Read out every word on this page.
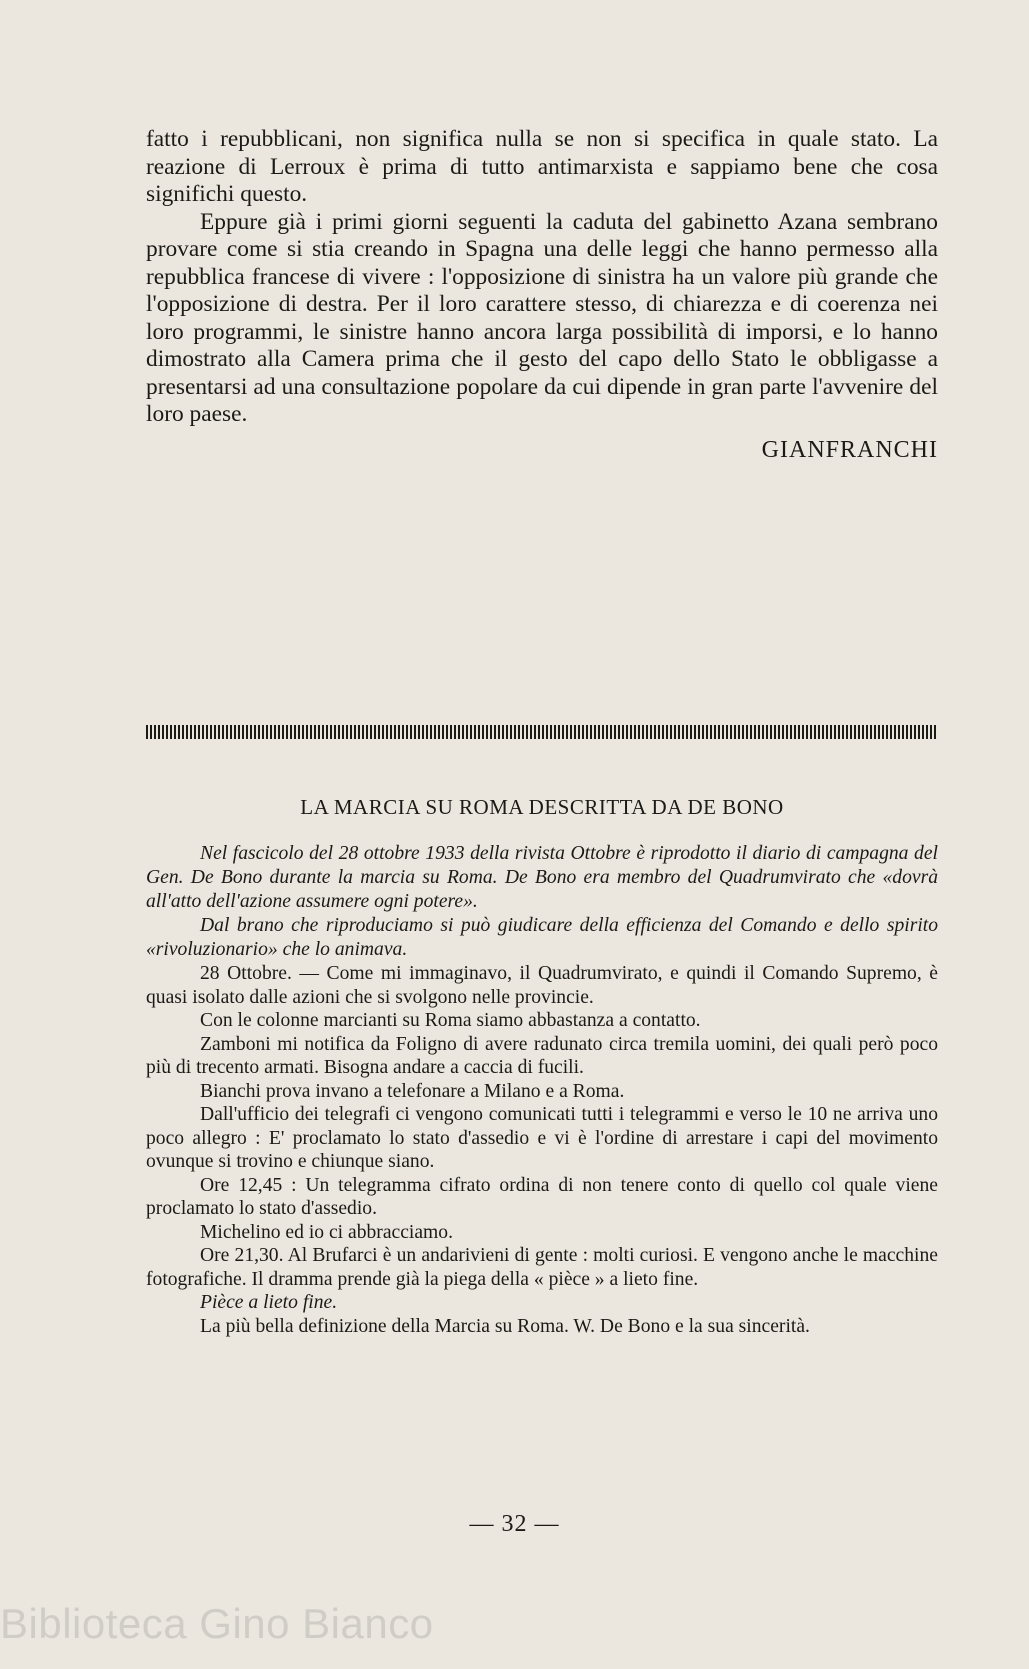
fatto i repubblicani, non significa nulla se non si specifica in quale stato. La reazione di Lerroux è prima di tutto antimarxista e sappiamo bene che cosa significhi questo.

Eppure già i primi giorni seguenti la caduta del gabinetto Azana sembrano provare come si stia creando in Spagna una delle leggi che hanno permesso alla repubblica francese di vivere : l'opposizione di sinistra ha un valore più grande che l'opposizione di destra. Per il loro carattere stesso, di chiarezza e di coerenza nei loro programmi, le sinistre hanno ancora larga possibilità di imporsi, e lo hanno dimostrato alla Camera prima che il gesto del capo dello Stato le obbligasse a presentarsi ad una consultazione popolare da cui dipende in gran parte l'avvenire del loro paese.

GIANFRANCHI
LA MARCIA SU ROMA DESCRITTA DA DE BONO

Nel fascicolo del 28 ottobre 1933 della rivista Ottobre è riprodotto il diario di campagna del Gen. De Bono durante la marcia su Roma. De Bono era membro del Quadrumvirato che «dovrà all'atto dell'azione assumere ogni potere».

Dal brano che riproduciamo si può giudicare della efficienza del Comando e dello spirito «rivoluzionario» che lo animava.

28 Ottobre. — Come mi immaginavo, il Quadrumvirato, e quindi il Comando Supremo, è quasi isolato dalle azioni che si svolgono nelle provincie.

Con le colonne marcianti su Roma siamo abbastanza a contatto.

Zamboni mi notifica da Foligno di avere radunato circa tremila uomini, dei quali però poco più di trecento armati. Bisogna andare a caccia di fucili.

Bianchi prova invano a telefonare a Milano e a Roma.

Dall'ufficio dei telegrafi ci vengono comunicati tutti i telegrammi e verso le 10 ne arriva uno poco allegro : E' proclamato lo stato d'assedio e vi è l'ordine di arrestare i capi del movimento ovunque si trovino e chiunque siano.

Ore 12,45 : Un telegramma cifrato ordina di non tenere conto di quello col quale viene proclamato lo stato d'assedio.

Michelino ed io ci abbracciamo.

Ore 21,30. Al Brufarci è un andarivieni di gente : molti curiosi. E vengono anche le macchine fotografiche. Il dramma prende già la piega della « pièce » a lieto fine.

Pièce a lieto fine.

La più bella definizione della Marcia su Roma. W. De Bono e la sua sincerità.

— 32 —
Biblioteca Gino Bianco
